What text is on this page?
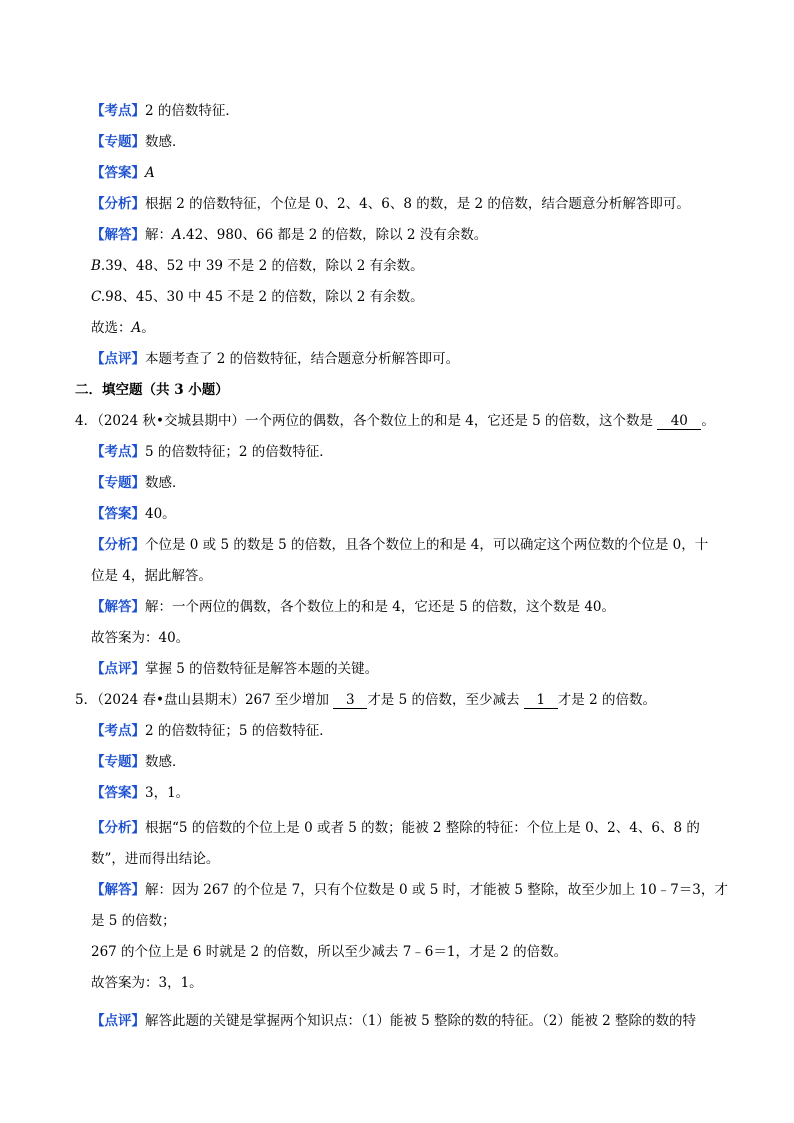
【考点】2 的倍数特征．
【专题】数感．
【答案】A
【分析】根据 2 的倍数特征，个位是 0、2、4、6、8 的数，是 2 的倍数，结合题意分析解答即可。
【解答】解：A.42、980、66 都是 2 的倍数，除以 2 没有余数。
B.39、48、52 中 39 不是 2 的倍数，除以 2 有余数。
C.98、45、30 中 45 不是 2 的倍数，除以 2 有余数。
故选：A。
【点评】本题考查了 2 的倍数特征，结合题意分析解答即可。
二．填空题（共 3 小题）
4．（2024 秋•交城县期中）一个两位的偶数，各个数位上的和是 4，它还是 5 的倍数，这个数是 40 。
【考点】5 的倍数特征；2 的倍数特征．
【专题】数感．
【答案】40。
【分析】个位是 0 或 5 的数是 5 的倍数，且各个数位上的和是 4，可以确定这个两位数的个位是 0，十
位是 4，据此解答。
【解答】解：一个两位的偶数，各个数位上的和是 4，它还是 5 的倍数，这个数是 40。
故答案为：40。
【点评】掌握 5 的倍数特征是解答本题的关键。
5．（2024 春•盘山县期末）267 至少增加 3 才是 5 的倍数，至少减去 1 才是 2 的倍数。
【考点】2 的倍数特征；5 的倍数特征．
【专题】数感．
【答案】3，1。
【分析】根据“5 的倍数的个位上是 0 或者 5 的数；能被 2 整除的特征：个位上是 0、2、4、6、8 的
数”，进而得出结论。
【解答】解：因为 267 的个位是 7，只有个位数是 0 或 5 时，才能被 5 整除，故至少加上 10﹣7＝3，才
是 5 的倍数；
267 的个位上是 6 时就是 2 的倍数，所以至少减去 7﹣6＝1，才是 2 的倍数。
故答案为：3，1。
【点评】解答此题的关键是掌握两个知识点：（1）能被 5 整除的数的特征。（2）能被 2 整除的数的特
